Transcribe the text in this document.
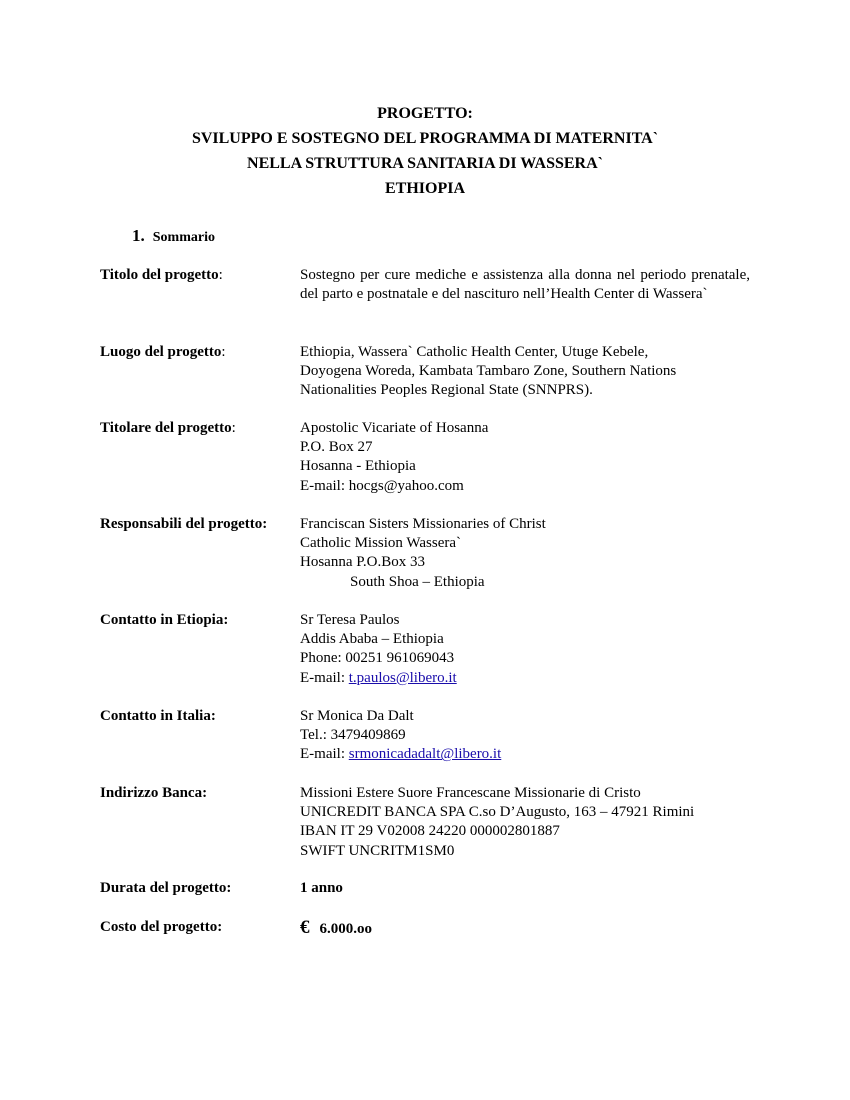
PROGETTO:
SVILUPPO E SOSTEGNO DEL PROGRAMMA DI MATERNITA`
NELLA STRUTTURA SANITARIA DI WASSERA`
ETHIOPIA
1. Sommario
Titolo del progetto:	Sostegno per cure mediche e assistenza alla donna nel periodo prenatale, del parto e postnatale e del nascituro nell’Health Center di Wassera`
Luogo del progetto:	Ethiopia, Wassera` Catholic Health Center, Utuge Kebele,
Doyogena Woreda, Kambata Tambaro Zone, Southern Nations
Nationalities Peoples Regional State (SNNPRS).
Titolare del progetto:	Apostolic Vicariate of Hosanna
P.O. Box 27
Hosanna - Ethiopia
E-mail: hocgs@yahoo.com
Responsabili del progetto:	Franciscan Sisters Missionaries of Christ
Catholic Mission Wassera`
Hosanna P.O.Box 33
South Shoa – Ethiopia
Contatto in Etiopia:	Sr Teresa Paulos
Addis Ababa – Ethiopia
Phone: 00251 961069043
E-mail: t.paulos@libero.it
Contatto in Italia:	Sr Monica Da Dalt
Tel.: 3479409869
E-mail: srmonicadadalt@libero.it
Indirizzo Banca:	Missioni Estere Suore Francescane Missionarie di Cristo
UNICREDIT BANCA SPA C.so D’Augusto, 163 – 47921 Rimini
IBAN IT 29 V02008 24220 000002801887
SWIFT UNCRITM1SM0
Durata del progetto:	1 anno
Costo del progetto:	€ 6.000.oo
